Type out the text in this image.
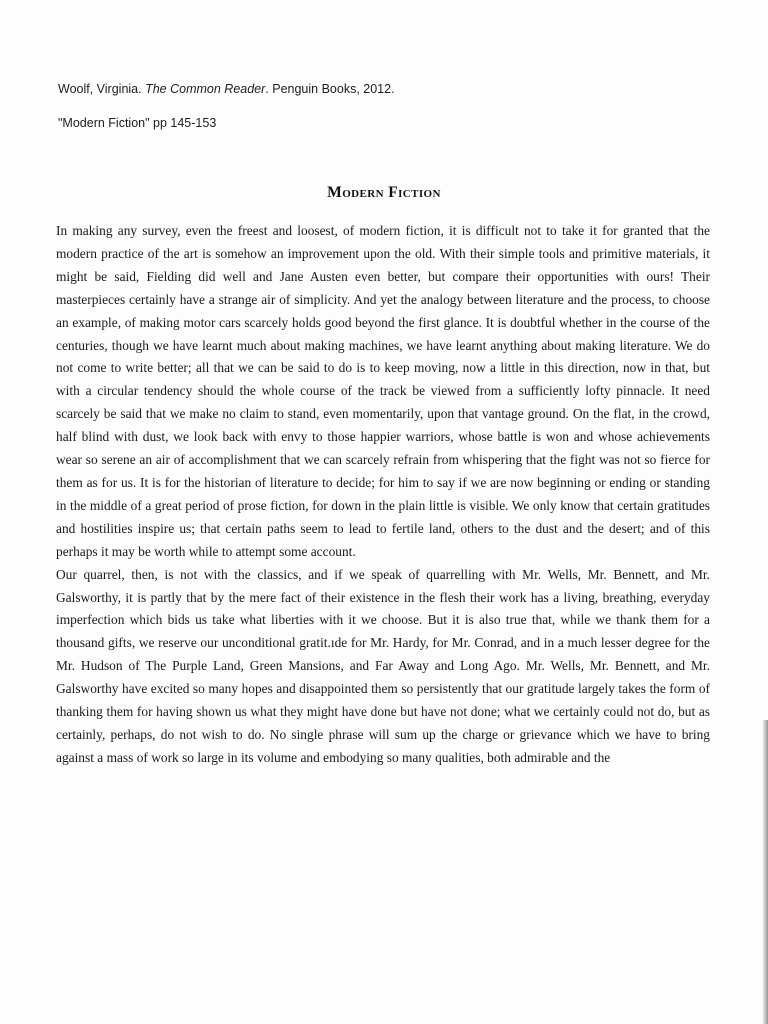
Woolf, Virginia. The Common Reader. Penguin Books, 2012.
"Modern Fiction" pp 145-153
Modern Fiction

In making any survey, even the freest and loosest, of modern fiction, it is difficult not to take it for granted that the modern practice of the art is somehow an improvement upon the old. With their simple tools and primitive materials, it might be said, Fielding did well and Jane Austen even better, but compare their opportunities with ours! Their masterpieces certainly have a strange air of simplicity. And yet the analogy between literature and the process, to choose an example, of making motor cars scarcely holds good beyond the first glance. It is doubtful whether in the course of the centuries, though we have learnt much about making machines, we have learnt anything about making literature. We do not come to write better; all that we can be said to do is to keep moving, now a little in this direction, now in that, but with a circular tendency should the whole course of the track be viewed from a sufficiently lofty pinnacle. It need scarcely be said that we make no claim to stand, even momentarily, upon that vantage ground. On the flat, in the crowd, half blind with dust, we look back with envy to those happier warriors, whose battle is won and whose achievements wear so serene an air of accomplishment that we can scarcely refrain from whispering that the fight was not so fierce for them as for us. It is for the historian of literature to decide; for him to say if we are now beginning or ending or standing in the middle of a great period of prose fiction, for down in the plain little is visible. We only know that certain gratitudes and hostilities inspire us; that certain paths seem to lead to fertile land, others to the dust and the desert; and of this perhaps it may be worth while to attempt some account.

Our quarrel, then, is not with the classics, and if we speak of quarrelling with Mr. Wells, Mr. Bennett, and Mr. Galsworthy, it is partly that by the mere fact of their existence in the flesh their work has a living, breathing, everyday imperfection which bids us take what liberties with it we choose. But it is also true that, while we thank them for a thousand gifts, we reserve our unconditional gratit.ıde for Mr. Hardy, for Mr. Conrad, and in a much lesser degree for the Mr. Hudson of The Purple Land, Green Mansions, and Far Away and Long Ago. Mr. Wells, Mr. Bennett, and Mr. Galsworthy have excited so many hopes and disappointed them so persistently that our gratitude largely takes the form of thanking them for having shown us what they might have done but have not done; what we certainly could not do, but as certainly, perhaps, do not wish to do. No single phrase will sum up the charge or grievance which we have to bring against a mass of work so large in its volume and embodying so many qualities, both admirable and the
